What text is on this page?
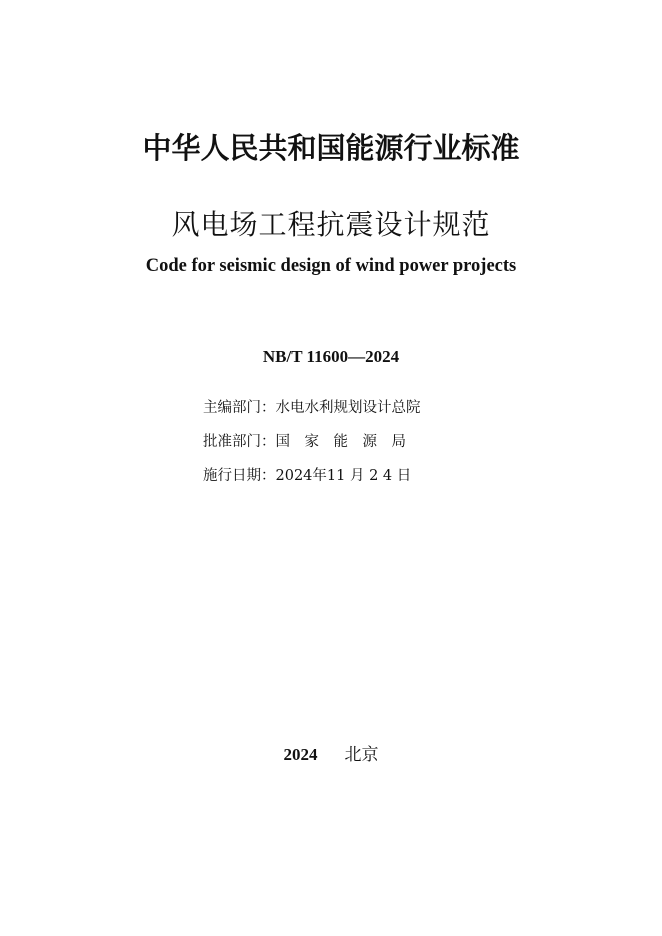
中华人民共和国能源行业标准
风电场工程抗震设计规范
Code for seismic design of wind power projects
NB/T 11600—2024
主编部门：水电水利规划设计总院
批准部门：国　家　能　源　局
施行日期：2024年11 月 2 4 日
2024 北京
